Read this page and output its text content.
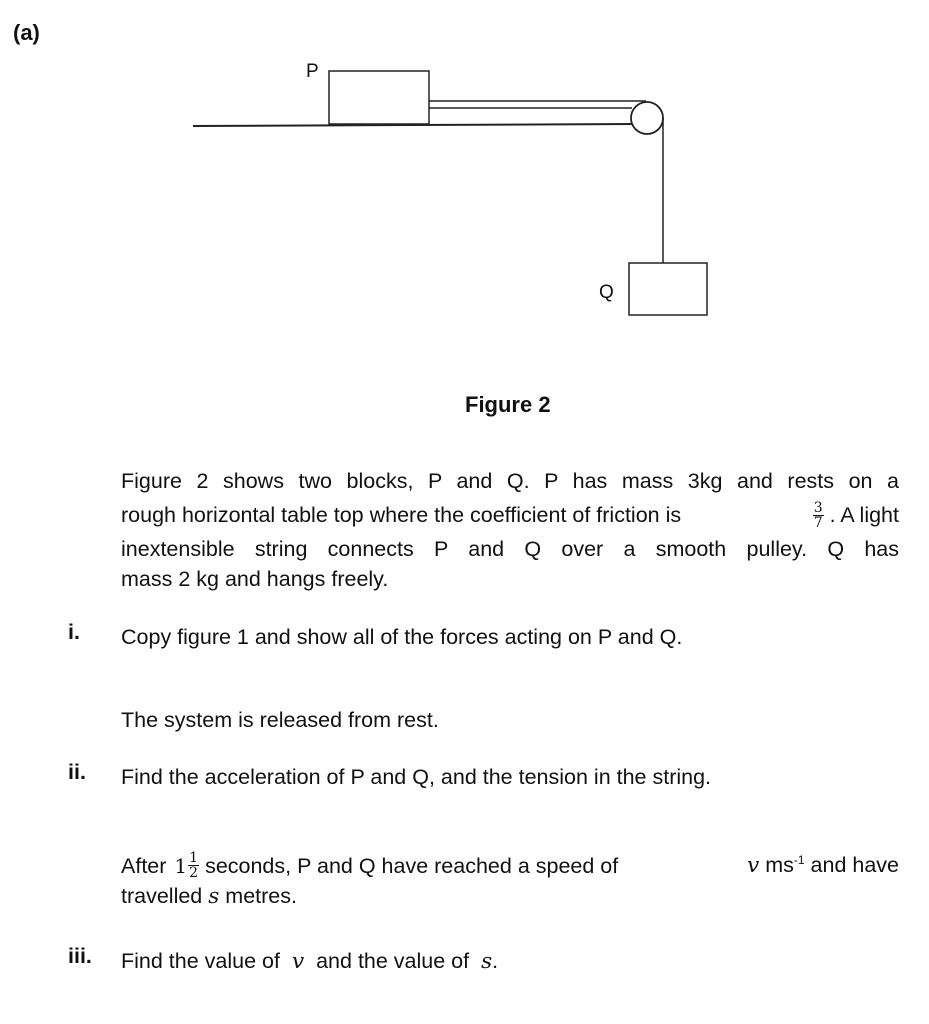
(a)
P
Q
Figure 2
Figure 2 shows two blocks, P and Q. P has mass 3kg and rests on a
rough horizontal table top where the coefficient of friction is	$\frac{3}{7}$ . A light
inextensible string connects P and Q over a smooth pulley. Q has
mass 2 kg and hangs freely.
i. Copy figure 1 and show all of the forces acting on P and Q.
The system is released from rest.
ii. Find the acceleration of P and Q, and the tension in the string.
After $1 \frac{1}{2}$ seconds, P and Q have reached a speed of	v $ms^{-1}$ and have
travelled s metres.
iii. Find the value of v and the value of s.
